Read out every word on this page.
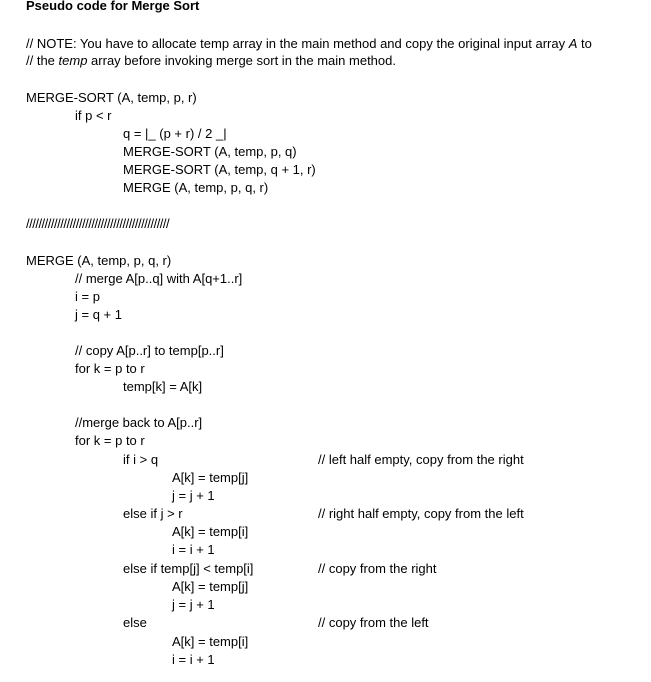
Pseudo code for Merge Sort
// NOTE: You have to allocate temp array in the main method and copy the original input array A to
// the temp array before invoking merge sort in the main method.
MERGE-SORT (A, temp, p, r)
if p < r
q = |_ (p + r) / 2 _|
MERGE-SORT (A, temp, p, q)
MERGE-SORT (A, temp, q + 1, r)
MERGE (A, temp, p, q, r)
//////////////////////////////////////////////
MERGE (A, temp, p, q, r)
// merge A[p..q] with A[q+1..r]
i = p
j = q + 1
// copy A[p..r] to temp[p..r]
for k = p to r
temp[k] = A[k]
//merge back to A[p..r]
for k = p to r
if i > q	// left half empty, copy from the right
A[k] = temp[j]
j = j + 1
else if j > r	// right half empty, copy from the left
A[k] = temp[i]
i = i + 1
else if temp[j] < temp[i]	// copy from the right
A[k] = temp[j]
j = j + 1
else	// copy from the left
A[k] = temp[i]
i = i + 1
